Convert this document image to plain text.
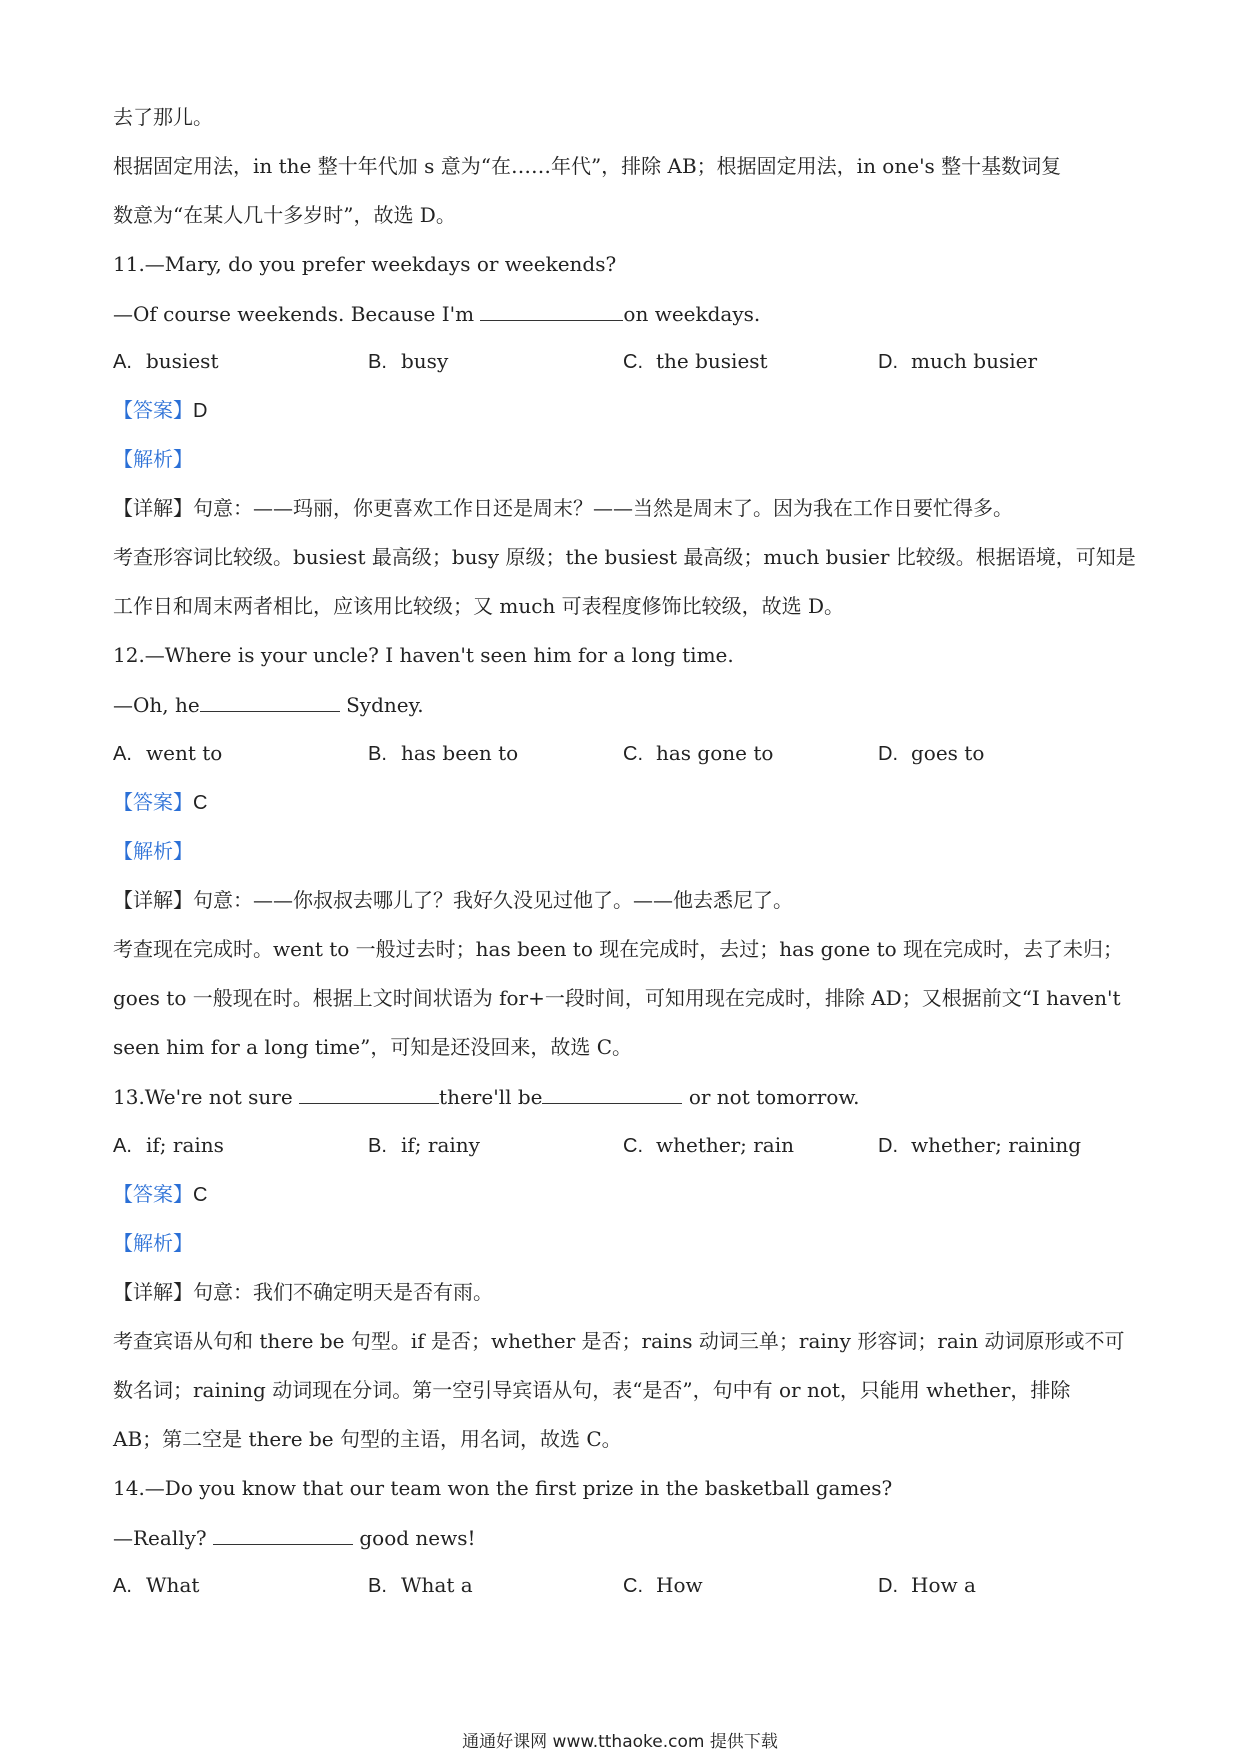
去了那儿。
根据固定用法，in the 整十年代加 s 意为“在……年代”，排除 AB；根据固定用法，in one's 整十基数词复
数意为“在某人几十多岁时”，故选 D。
11.—Mary, do you prefer weekdays or weekends?
—Of course weekends. Because I'm	on weekdays.
A. busiest	B. busy	C. the busiest	D. much busier
【答案】D
【解析】
【详解】句意：——玛丽，你更喜欢工作日还是周末？——当然是周末了。因为我在工作日要忙得多。
考查形容词比较级。busiest 最高级；busy 原级；the busiest 最高级；much busier 比较级。根据语境，可知是
工作日和周末两者相比，应该用比较级；又 much 可表程度修饰比较级，故选 D。
12.—Where is your uncle? I haven't seen him for a long time.
—Oh, he	Sydney.
A. went to	B. has been to	C. has gone to	D. goes to
【答案】C
【解析】
【详解】句意：——你叔叔去哪儿了？我好久没见过他了。——他去悉尼了。
考查现在完成时。went to 一般过去时；has been to 现在完成时，去过；has gone to 现在完成时，去了未归；
goes to 一般现在时。根据上文时间状语为 for+一段时间，可知用现在完成时，排除 AD；又根据前文“I haven't
seen him for a long time”，可知是还没回来，故选 C。
13.We're not sure	there'll be	or not tomorrow.
A. if; rains	B. if; rainy	C. whether; rain	D. whether; raining
【答案】C
【解析】
【详解】句意：我们不确定明天是否有雨。
考查宾语从句和 there be 句型。if 是否；whether 是否；rains 动词三单；rainy 形容词；rain 动词原形或不可
数名词；raining 动词现在分词。第一空引导宾语从句，表“是否”，句中有 or not，只能用 whether，排除
AB；第二空是 there be 句型的主语，用名词，故选 C。
14.—Do you know that our team won the first prize in the basketball games?
—Really?	good news!
A. What	B. What a	C. How	D. How a
通通好课网 www.tthaoke.com 提供下载
